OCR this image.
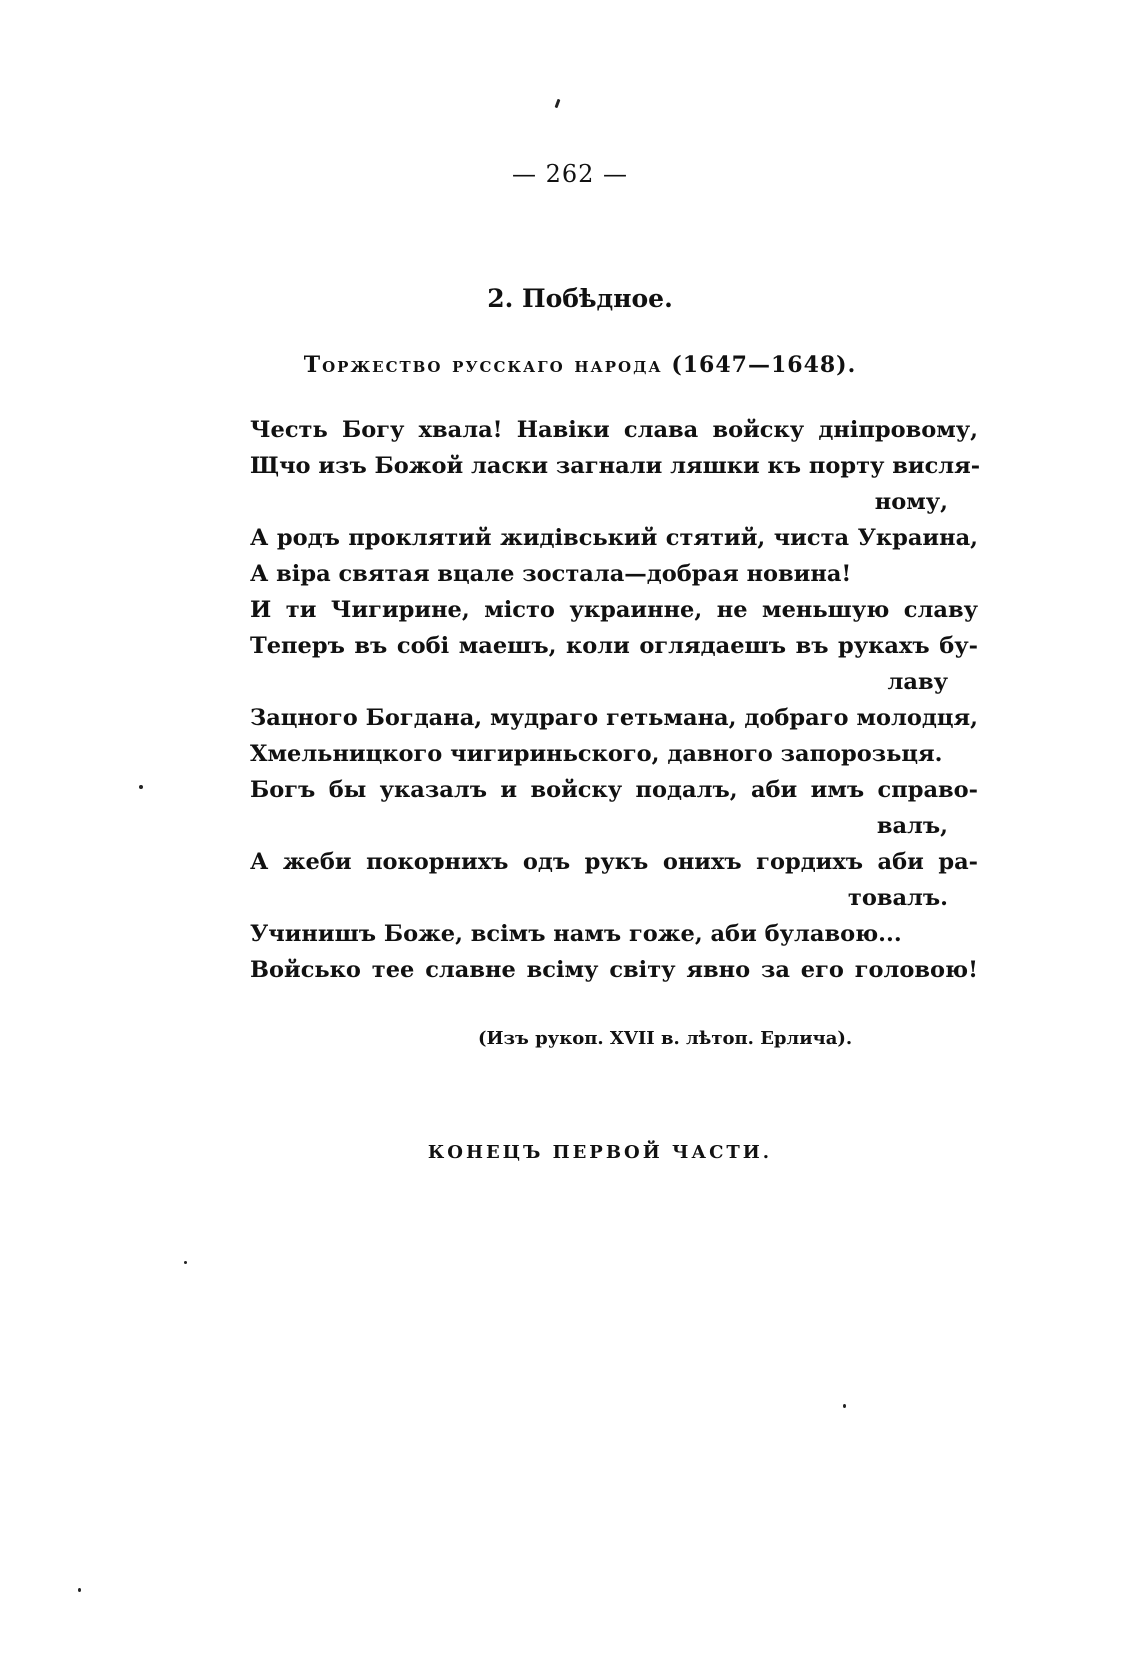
— 262 —
2. Побѣдное.
Торжество русскаго народа (1647—1648).
Честь Богу хвала! Навіки слава войску дніпровому,
Щчо изъ Божой ласки загнали ляшки къ порту висля-
ному,
А родъ проклятий жидівський стятий, чиста Украина,
А віра святая вцале зостала—добрая новина!
И ти Чигирине, місто украинне, не меньшую славу
Теперъ въ собі маешъ, коли оглядаешъ въ рукахъ бу-
лаву
Зацного Богдана, мудраго гетьмана, добраго молодця,
Хмельницкого чигириньского, давного запорозьця.
Богъ бы указалъ и войску подалъ, аби имъ справо-
валъ,
А жеби покорнихъ одъ рукъ онихъ гордихъ аби ра-
товалъ.
Учинишъ Боже, всімъ намъ гоже, аби булавою...
Войсько тее славне всіму світу явно за его головою!
(Изъ рукоп. XVII в. лѣтоп. Ерлича).
КОНЕЦЪ ПЕРВОЙ ЧАСТИ.
